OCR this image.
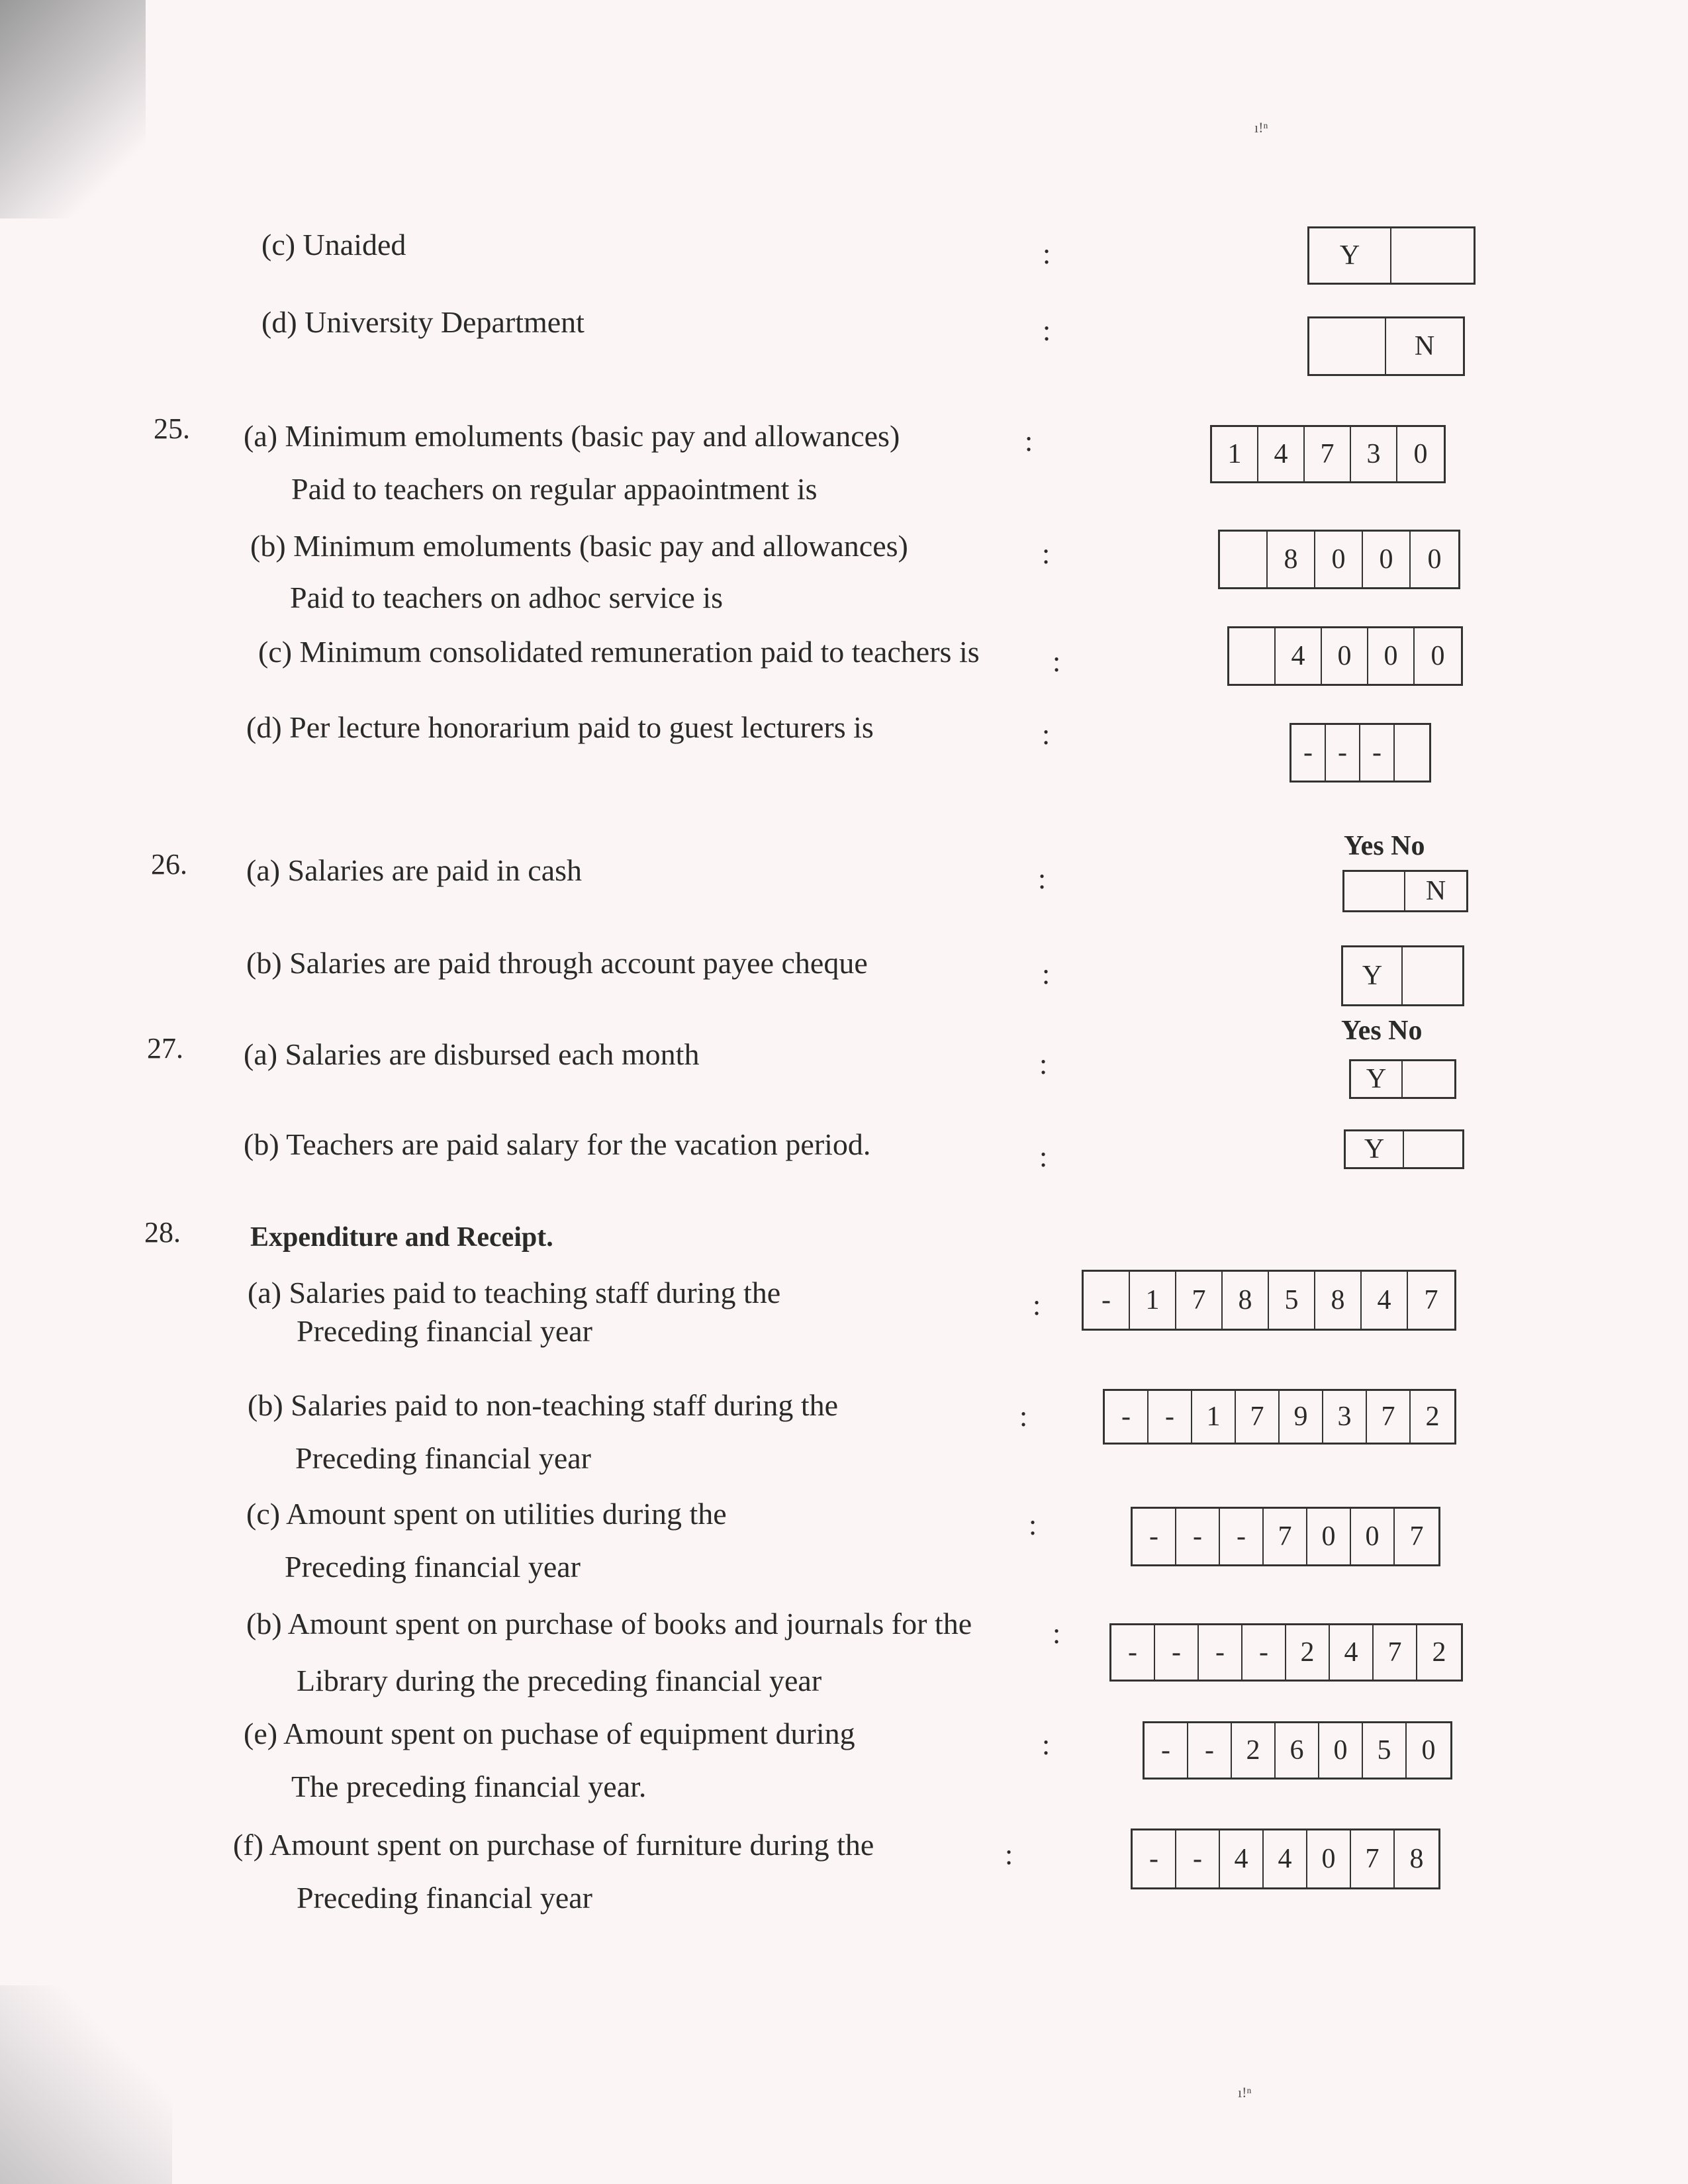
ı!ⁿ
(c) Unaided	:	Y
(d) University Department	:	N
25. (a) Minimum emoluments (basic pay and allowances)
Paid to teachers on regular appaointment is
:	1	4	7	3	0
(b) Minimum emoluments (basic pay and allowances)
Paid to teachers on adhoc service is
:	8	0	0	0
(c) Minimum consolidated remuneration paid to teachers is	:	4	0	0	0
(d) Per lecture honorarium paid to guest lecturers is	:
- - -
Yes No
26. (a) Salaries are paid in cash	:	N
(b) Salaries are paid through account payee cheque	:	Y
Yes No
27. (a) Salaries are disbursed each month	:	Y
(b) Teachers are paid salary for the vacation period.	:	Y
28.	Expenditure and Receipt.
(a) Salaries paid to teaching staff during the
Preceding financial year
:	-	1	7	8	5	8	4	7
(b) Salaries paid to non-teaching staff during the
Preceding financial year
:	-	-	1	7	9	3	7	2
(c) Amount spent on utilities during the
Preceding financial year
:	-	-	-	7	0	0	7
(b) Amount spent on purchase of books and journals for the
Library during the preceding financial year
:
-	-	-	-	2	4	7	2
(e) Amount spent on puchase of equipment during
The preceding financial year.
:	-	-	2	6	0	5	0
(f) Amount spent on purchase of furniture during the
Preceding financial year
:	-	-	4	4	0	7	8
ı!ⁿ
